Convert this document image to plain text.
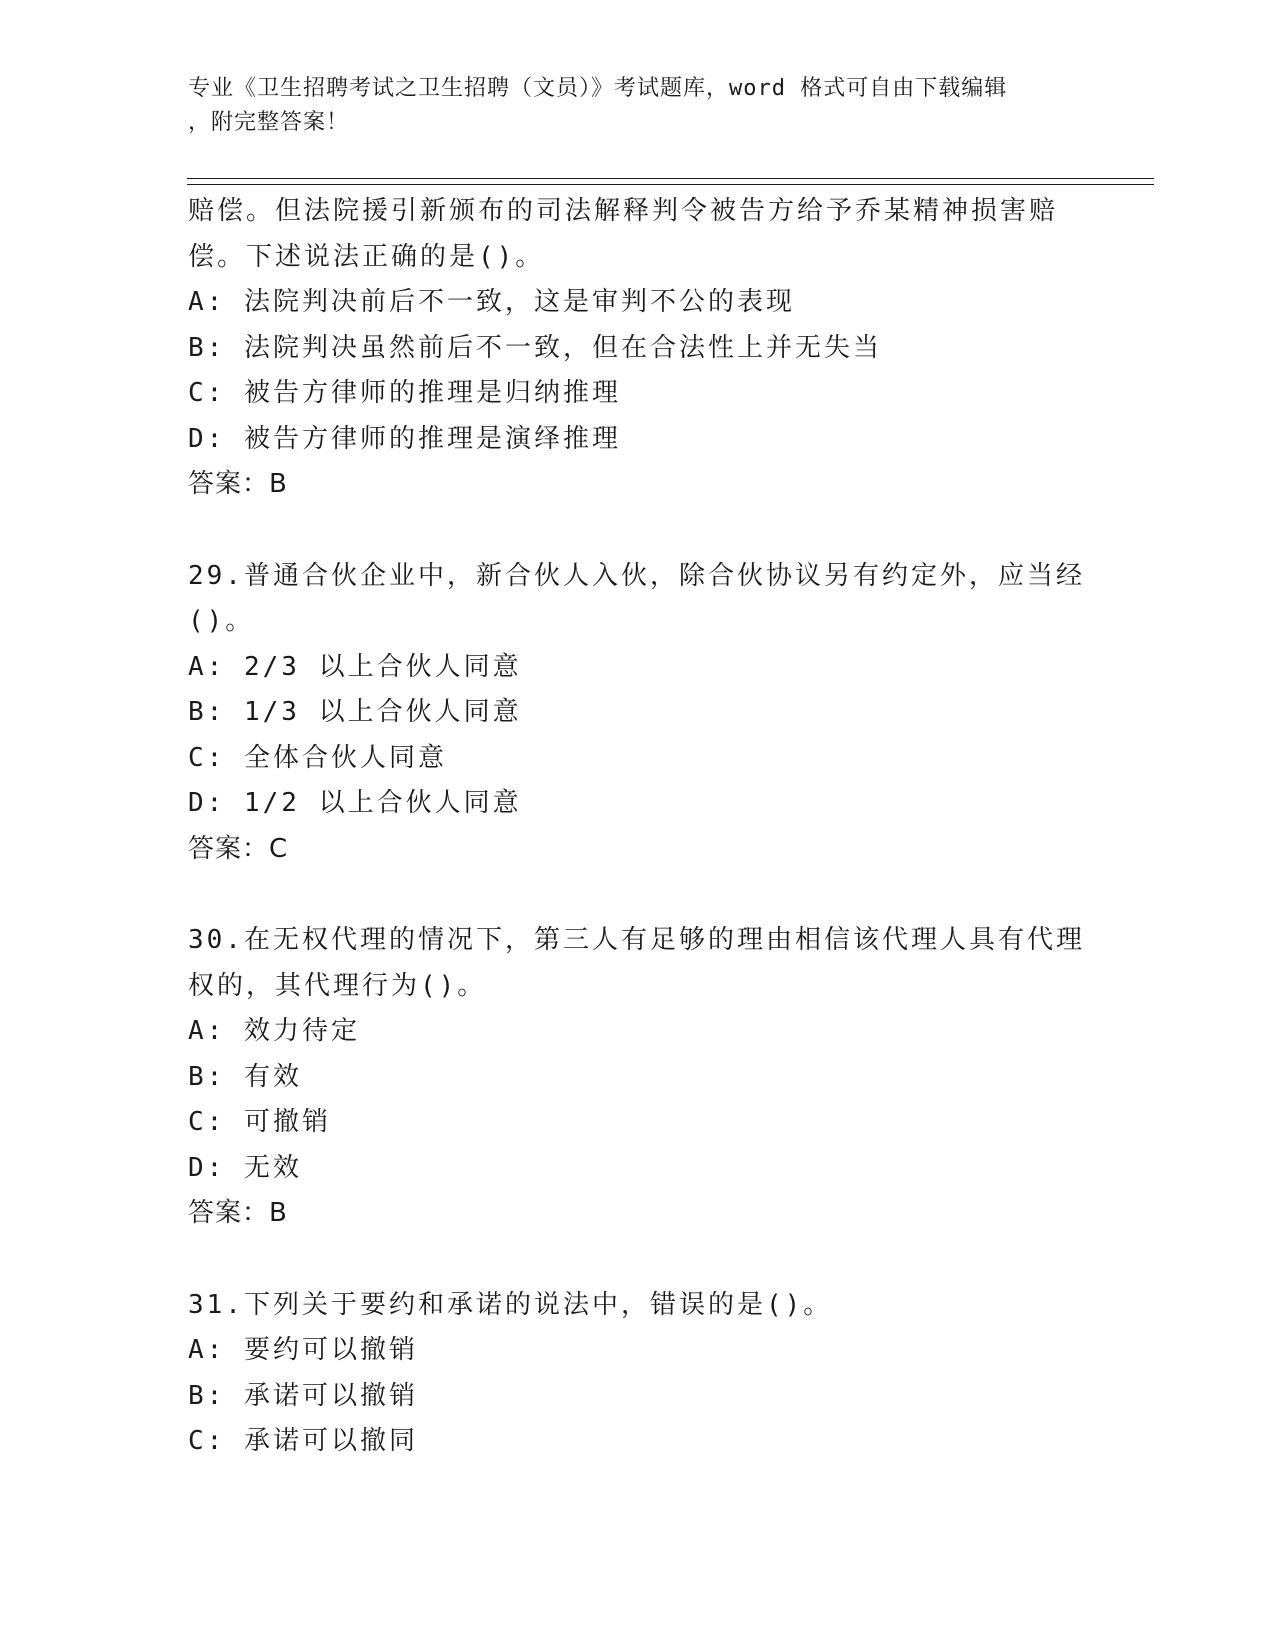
专业《卫生招聘考试之卫生招聘（文员）》考试题库，word 格式可自由下载编辑
，附完整答案！
赔偿。但法院援引新颁布的司法解释判令被告方给予乔某精神损害赔
偿。下述说法正确的是()。
A: 法院判决前后不一致，这是审判不公的表现
B: 法院判决虽然前后不一致，但在合法性上并无失当
C: 被告方律师的推理是归纳推理
D: 被告方律师的推理是演绎推理
答案：B
29.普通合伙企业中，新合伙人入伙，除合伙协议另有约定外，应当经
()。
A: 2/3 以上合伙人同意
B: 1/3 以上合伙人同意
C: 全体合伙人同意
D: 1/2 以上合伙人同意
答案：C
30.在无权代理的情况下，第三人有足够的理由相信该代理人具有代理
权的，其代理行为()。
A: 效力待定
B: 有效
C: 可撤销
D: 无效
答案：B
31.下列关于要约和承诺的说法中，错误的是()。
A: 要约可以撤销
B: 承诺可以撤销
C: 承诺可以撤同
